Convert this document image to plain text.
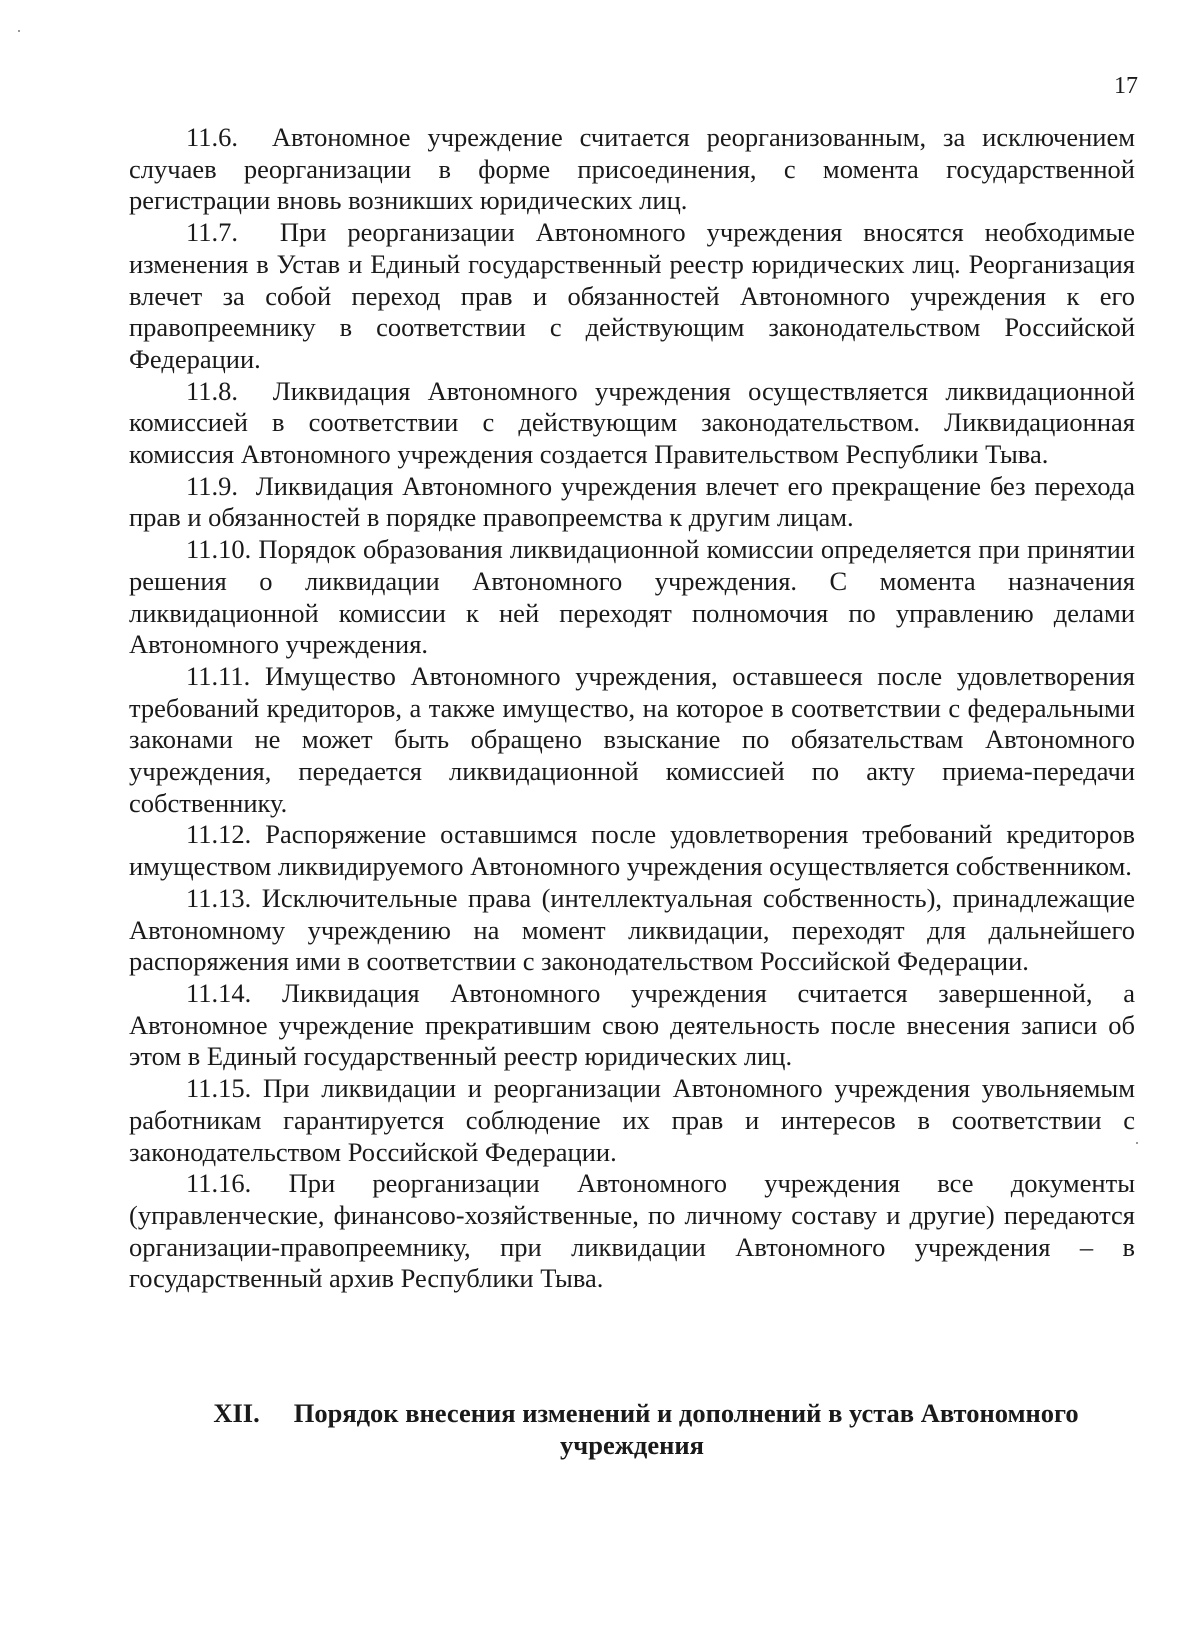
17

11.6. Автономное учреждение считается реорганизованным, за исключением случаев реорганизации в форме присоединения, с момента государственной регистрации вновь возникших юридических лиц.

11.7. При реорганизации Автономного учреждения вносятся необходимые изменения в Устав и Единый государственный реестр юридических лиц. Реорганизация влечет за собой переход прав и обязанностей Автономного учреждения к его правопреемнику в соответствии с действующим законодательством Российской Федерации.

11.8. Ликвидация Автономного учреждения осуществляется ликвидационной комиссией в соответствии с действующим законодательством. Ликвидационная комиссия Автономного учреждения создается Правительством Республики Тыва.

11.9. Ликвидация Автономного учреждения влечет его прекращение без перехода прав и обязанностей в порядке правопреемства к другим лицам.

11.10. Порядок образования ликвидационной комиссии определяется при принятии решения о ликвидации Автономного учреждения. С момента назначения ликвидационной комиссии к ней переходят полномочия по управлению делами Автономного учреждения.

11.11. Имущество Автономного учреждения, оставшееся после удовлетворения требований кредиторов, а также имущество, на которое в соответствии с федеральными законами не может быть обращено взыскание по обязательствам Автономного учреждения, передается ликвидационной комиссией по акту приема-передачи собственнику.

11.12. Распоряжение оставшимся после удовлетворения требований кредиторов имуществом ликвидируемого Автономного учреждения осуществляется собственником.

11.13. Исключительные права (интеллектуальная собственность), принадлежащие Автономному учреждению на момент ликвидации, переходят для дальнейшего распоряжения ими в соответствии с законодательством Российской Федерации.

11.14. Ликвидация Автономного учреждения считается завершенной, а Автономное учреждение прекратившим свою деятельность после внесения записи об этом в Единый государственный реестр юридических лиц.

11.15. При ликвидации и реорганизации Автономного учреждения увольняемым работникам гарантируется соблюдение их прав и интересов в соответствии с законодательством Российской Федерации.

11.16. При реорганизации Автономного учреждения все документы (управленческие, финансово-хозяйственные, по личному составу и другие) передаются организации-правопреемнику, при ликвидации Автономного учреждения – в государственный архив Республики Тыва.

XII. Порядок внесения изменений и дополнений в устав Автономного
учреждения
